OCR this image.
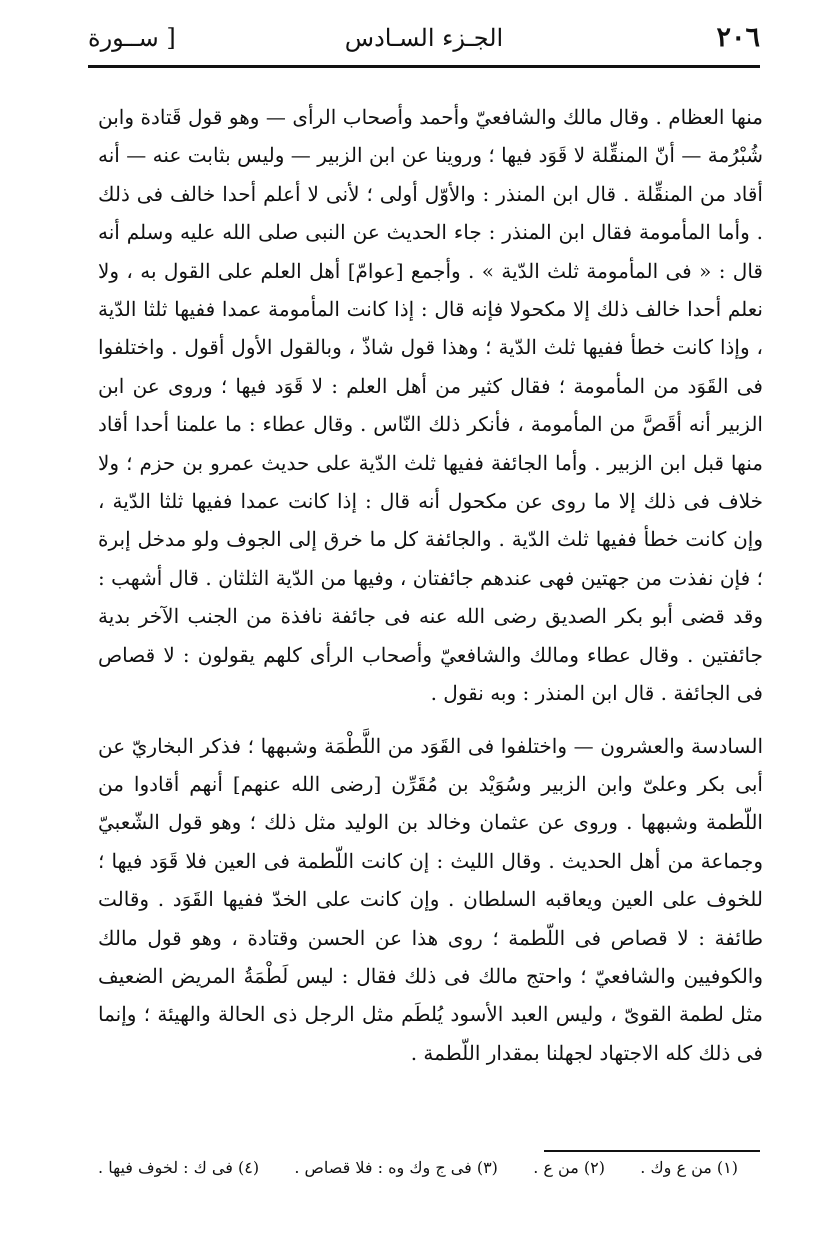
٢٠٦
الجـزء السـادس
[ ســورة

منها العظام . وقال مالك والشافعيّ وأحمد وأصحاب الرأى — وهو قول قَتادة وابن شُبْرُمة — أنّ المنقِّلة لا قَوَد فيها ؛ وروينا عن ابن الزبير — وليس بثابت عنه — أنه أقاد من المنقِّلة . قال ابن المنذر : والأوّل أولى ؛ لأنى لا أعلم أحدا خالف فى ذلك . وأما المأمومة فقال ابن المنذر : جاء الحديث عن النبى صلى الله عليه وسلم أنه قال : « فى المأمومة ثلث الدّية » . وأجمع [عوامّ] أهل العلم على القول به ، ولا نعلم أحدا خالف ذلك إلا مكحولا فإنه قال : إذا كانت المأمومة عمدا ففيها ثلثا الدّية ، وإذا كانت خطأ ففيها ثلث الدّية ؛ وهذا قول شاذّ ، وبالقول الأول أقول . واختلفوا فى القَوَد من المأمومة ؛ فقال كثير من أهل العلم : لا قَوَد فيها ؛ وروى عن ابن الزبير أنه أقَصَّ من المأمومة ، فأنكر ذلك النّاس . وقال عطاء : ما علمنا أحدا أقاد منها قبل ابن الزبير . وأما الجائفة ففيها ثلث الدّية على حديث عمرو بن حزم ؛ ولا خلاف فى ذلك إلا ما روى عن مكحول أنه قال : إذا كانت عمدا ففيها ثلثا الدّية ، وإن كانت خطأ ففيها ثلث الدّية . والجائفة كل ما خرق إلى الجوف ولو مدخل إبرة ؛ فإن نفذت من جهتين فهى عندهم جائفتان ، وفيها من الدّية الثلثان . قال أشهب : وقد قضى أبو بكر الصديق رضى الله عنه فى جائفة نافذة من الجنب الآخر بدية جائفتين . وقال عطاء ومالك والشافعيّ وأصحاب الرأى كلهم يقولون : لا قصاص فى الجائفة . قال ابن المنذر : وبه نقول .

السادسة والعشرون — واختلفوا فى القَوَد من اللَّطْمَة وشبهها ؛ فذكر البخاريّ عن أبى بكر وعلىّ وابن الزبير وسُوَيْد بن مُقَرِّن [رضى الله عنهم] أنهم أقادوا من اللّطمة وشبهها . وروى عن عثمان وخالد بن الوليد مثل ذلك ؛ وهو قول الشّعبيّ وجماعة من أهل الحديث . وقال الليث : إن كانت اللّطمة فى العين فلا قَوَد فيها ؛ للخوف على العين ويعاقبه السلطان . وإن كانت على الخدّ ففيها القَوَد . وقالت طائفة : لا قصاص فى اللّطمة ؛ روى هذا عن الحسن وقتادة ، وهو قول مالك والكوفيين والشافعيّ ؛ واحتج مالك فى ذلك فقال : ليس لَطْمَةُ المريض الضعيف مثل لطمة القوىّ ، وليس العبد الأسود يُلطَم مثل الرجل ذى الحالة والهيئة ؛ وإنما فى ذلك كله الاجتهاد لجهلنا بمقدار اللّطمة .

(١) من ع وك .
(٢) من ع .
(٣) فى ج وك وه : فلا قصاص .
(٤) فى ك : لخوف فيها .
